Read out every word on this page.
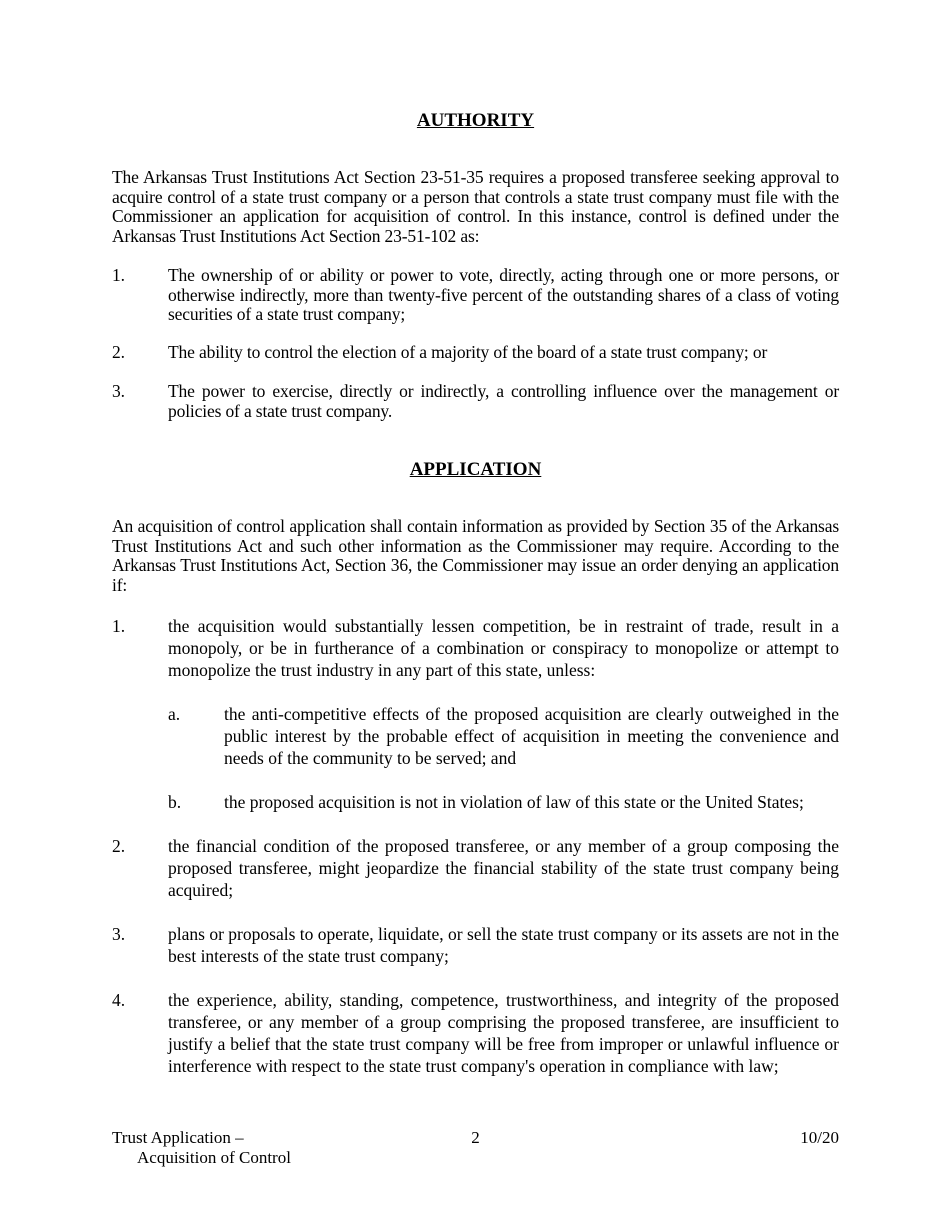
AUTHORITY
The Arkansas Trust Institutions Act Section 23-51-35 requires a proposed transferee seeking approval to acquire control of a state trust company or a person that controls a state trust company must file with the Commissioner an application for acquisition of control. In this instance, control is defined under the Arkansas Trust Institutions Act Section 23-51-102 as:
1. The ownership of or ability or power to vote, directly, acting through one or more persons, or otherwise indirectly, more than twenty-five percent of the outstanding shares of a class of voting securities of a state trust company;
2. The ability to control the election of a majority of the board of a state trust company; or
3. The power to exercise, directly or indirectly, a controlling influence over the management or policies of a state trust company.
APPLICATION
An acquisition of control application shall contain information as provided by Section 35 of the Arkansas Trust Institutions Act and such other information as the Commissioner may require. According to the Arkansas Trust Institutions Act, Section 36, the Commissioner may issue an order denying an application if:
1. the acquisition would substantially lessen competition, be in restraint of trade, result in a monopoly, or be in furtherance of a combination or conspiracy to monopolize or attempt to monopolize the trust industry in any part of this state, unless:
a.	the anti-competitive effects of the proposed acquisition are clearly outweighed in the public interest by the probable effect of acquisition in meeting the convenience and needs of the community to be served; and
b. the proposed acquisition is not in violation of law of this state or the United States;
2. the financial condition of the proposed transferee, or any member of a group composing the proposed transferee, might jeopardize the financial stability of the state trust company being acquired;
3. plans or proposals to operate, liquidate, or sell the state trust company or its assets are not in the best interests of the state trust company;
4. the experience, ability, standing, competence, trustworthiness, and integrity of the proposed transferee, or any member of a group comprising the proposed transferee, are insufficient to justify a belief that the state trust company will be free from improper or unlawful influence or interference with respect to the state trust company's operation in compliance with law;
Trust Application –
Acquisition of Control
2	10/20
